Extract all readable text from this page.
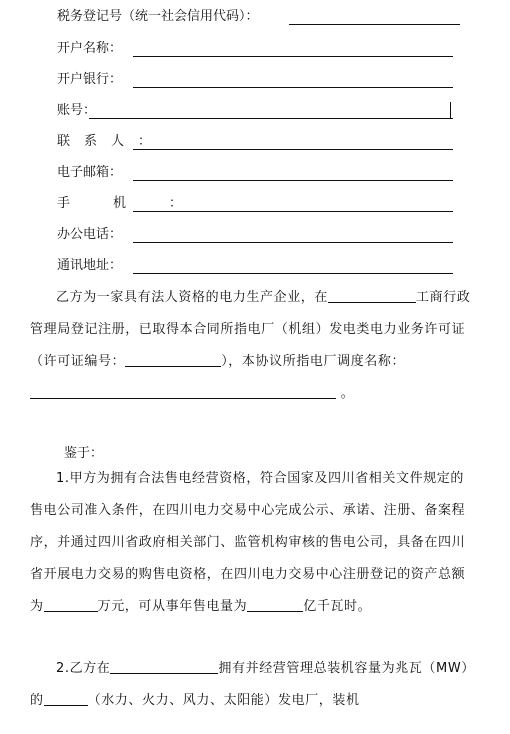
税务登记号（统一社会信用代码）：
开户名称：
开户银行：
账号：
联系人：
电子邮箱：
手机：
办公电话：
通讯地址：
乙方为一家具有法人资格的电力生产企业，在	工商行政管理局登记注册，已取得本合同所指电厂（机组）发电类电力业务许可证（许可证编号：	），本协议所指电厂调度名称： 。
鉴于：
1.甲方为拥有合法售电经营资格，符合国家及四川省相关文件规定的售电公司准入条件，在四川电力交易中心完成公示、承诺、注册、备案程序，并通过四川省政府相关部门、监管机构审核的售电公司，具备在四川省开展电力交易的购售电资格，在四川电力交易中心注册登记的资产总额为	万元，可从事年售电量为	亿千瓦时。
2.乙方在	拥有并经营管理总装机容量为兆瓦（MW）的	（水力、火力、风力、太阳能）发电厂，装机
